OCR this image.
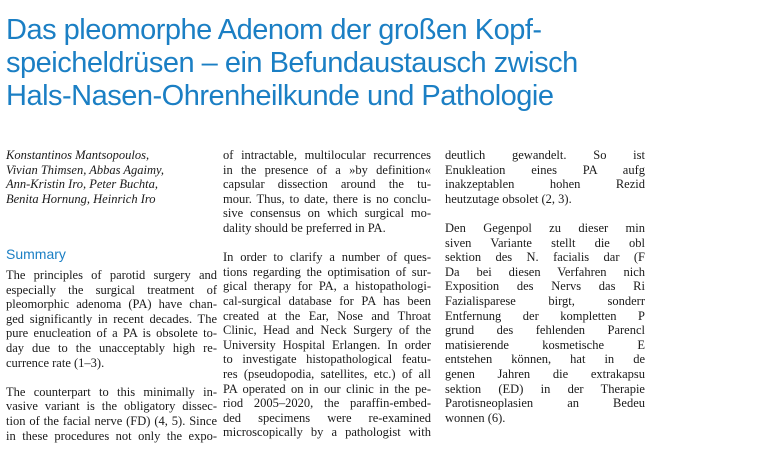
Das pleomorphe Adenom der großen Kopf-
speicheldrüsen – ein Befundaustausch zwisch
Hals-Nasen-Ohrenheilkunde und Pathologie
Konstantinos Mantsopoulos,
Vivian Thimsen, Abbas Agaimy,
Ann-Kristin Iro, Peter Buchta,
Benita Hornung, Heinrich Iro
Summary

The principles of parotid surgery and
especially the surgical treatment of
pleomorphic adenoma (PA) have chan-
ged significantly in recent decades. The
pure enucleation of a PA is obsolete to-
day due to the unacceptably high re-
currence rate (1–3).

The counterpart to this minimally in-
vasive variant is the obligatory dissec-
tion of the facial nerve (FD) (4, 5). Since
in these procedures not only the expo-

of intractable, multilocular recurrences
in the presence of a »by definition«
capsular dissection around the tu-
mour. Thus, to date, there is no conclu-
sive consensus on which surgical mo-
dality should be preferred in PA.

In order to clarify a number of ques-
tions regarding the optimisation of sur-
gical therapy for PA, a histopathologi-
cal-surgical database for PA has been
created at the Ear, Nose and Throat
Clinic, Head and Neck Surgery of the
University Hospital Erlangen. In order
to investigate histopathological featu-
res (pseudopodia, satellites, etc.) of all
PA operated on in our clinic in the pe-
riod 2005–2020, the paraffin-embed-
ded specimens were re-examined
microscopically by a pathologist with

deutlich gewandelt. So ist
Enukleation eines PA aufg
inakzeptablen hohen Rezid
heutzutage obsolet (2, 3).

Den Gegenpol zu dieser min
siven Variante stellt die obl
sektion des N. facialis dar (F
Da bei diesen Verfahren nich
Exposition des Nervs das Ri
Fazialisparese birgt, sonderr
Entfernung der kompletten P
grund des fehlenden Parencl
matisierende kosmetische E
entstehen können, hat in de
genen Jahren die extrakapsu
sektion (ED) in der Therapie
Parotisneoplasien an Bedeu
wonnen (6).
